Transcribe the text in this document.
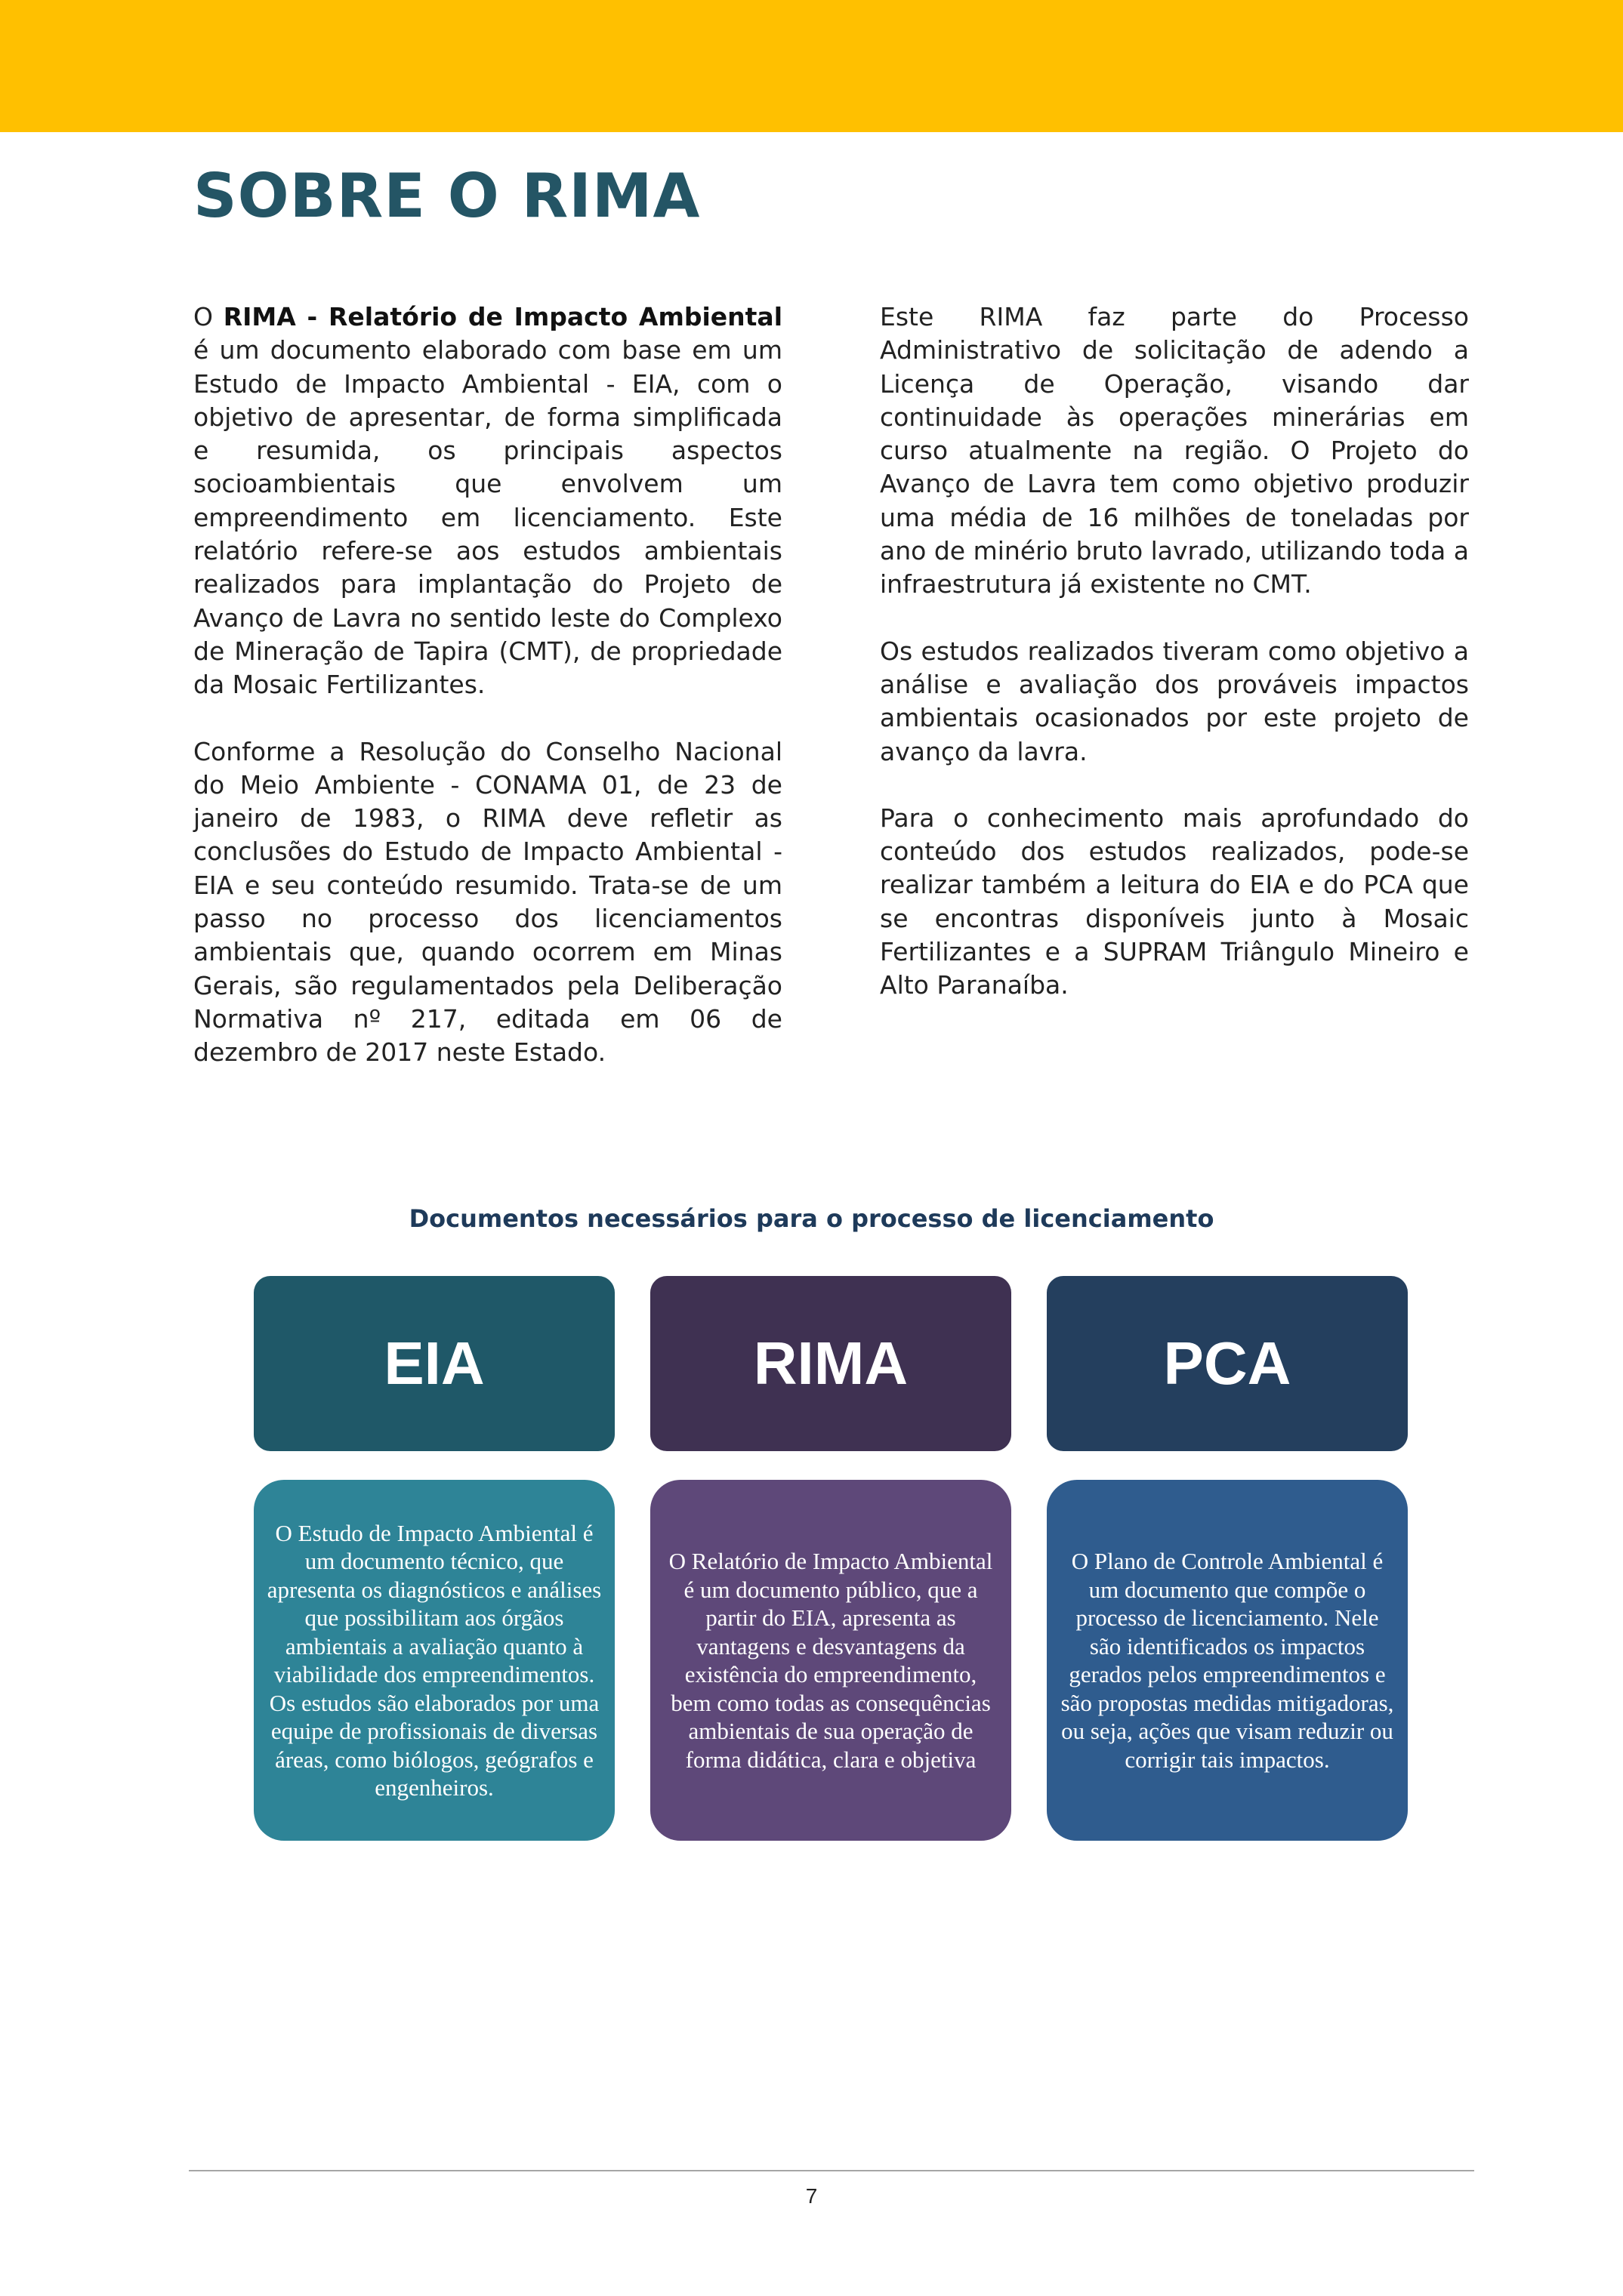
SOBRE O RIMA

O RIMA - Relatório de Impacto Ambiental é um documento elaborado com base em um Estudo de Impacto Ambiental - EIA, com o objetivo de apresentar, de forma simplificada e resumida, os principais aspectos socioambientais que envolvem um empreendimento em licenciamento. Este relatório refere-se aos estudos ambientais realizados para implantação do Projeto de Avanço de Lavra no sentido leste do Complexo de Mineração de Tapira (CMT), de propriedade da Mosaic Fertilizantes.

Conforme a Resolução do Conselho Nacional do Meio Ambiente - CONAMA 01, de 23 de janeiro de 1983, o RIMA deve refletir as conclusões do Estudo de Impacto Ambiental - EIA e seu conteúdo resumido. Trata-se de um passo no processo dos licenciamentos ambientais que, quando ocorrem em Minas Gerais, são regulamentados pela Deliberação Normativa nº 217, editada em 06 de dezembro de 2017 neste Estado.

Este RIMA faz parte do Processo Administrativo de solicitação de adendo a Licença de Operação, visando dar continuidade às operações minerárias em curso atualmente na região. O Projeto do Avanço de Lavra tem como objetivo produzir uma média de 16 milhões de toneladas por ano de minério bruto lavrado, utilizando toda a infraestrutura já existente no CMT.

Os estudos realizados tiveram como objetivo a análise e avaliação dos prováveis impactos ambientais ocasionados por este projeto de avanço da lavra.

Para o conhecimento mais aprofundado do conteúdo dos estudos realizados, pode-se realizar também a leitura do EIA e do PCA que se encontras disponíveis junto à Mosaic Fertilizantes e a SUPRAM Triângulo Mineiro e Alto Paranaíba.

Documentos necessários para o processo de licenciamento
EIA	RIMA	PCA
O Estudo de Impacto Ambiental é um documento técnico, que apresenta os diagnósticos e análises que possibilitam aos órgãos ambientais a avaliação quanto à viabilidade dos empreendimentos. Os estudos são elaborados por uma equipe de profissionais de diversas áreas, como biólogos, geógrafos e engenheiros.
O Relatório de Impacto Ambiental é um documento público, que a partir do EIA, apresenta as vantagens e desvantagens da existência do empreendimento, bem como todas as consequências ambientais de sua operação de forma didática, clara e objetiva
O Plano de Controle Ambiental é um documento que compõe o processo de licenciamento. Nele são identificados os impactos gerados pelos empreendimentos e são propostas medidas mitigadoras, ou seja, ações que visam reduzir ou corrigir tais impactos.
7
